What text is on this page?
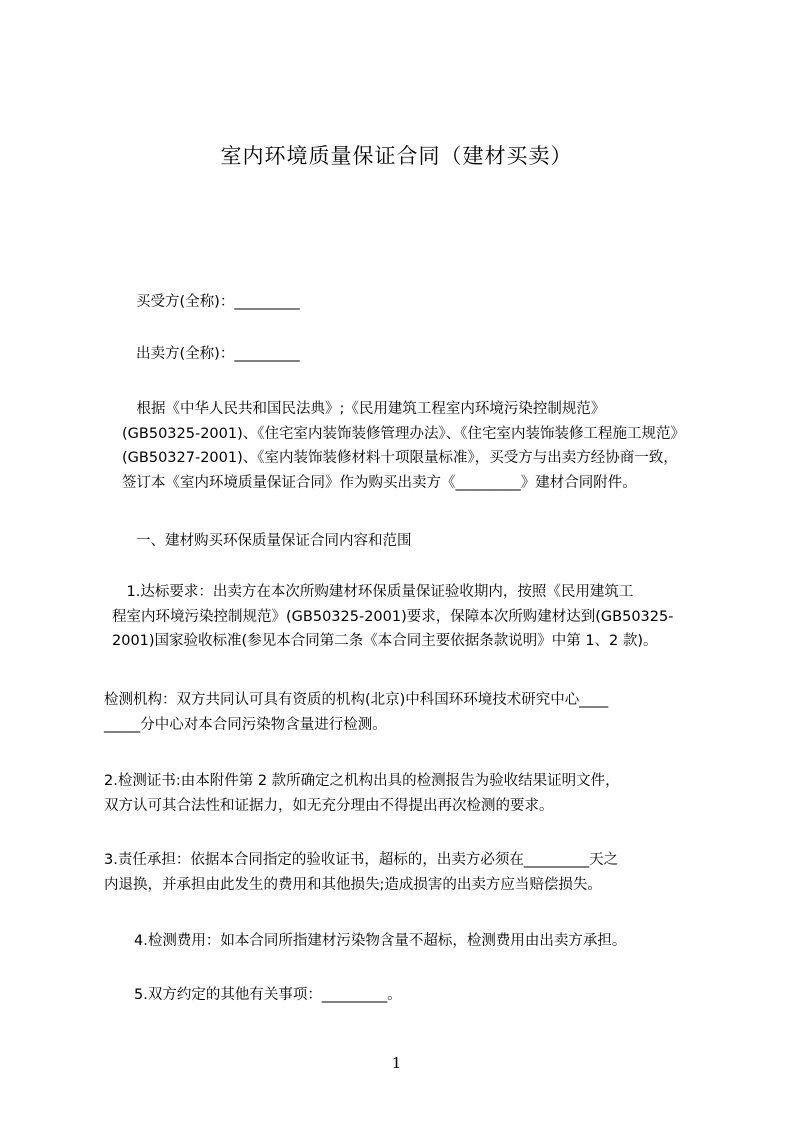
室内环境质量保证合同（建材买卖）
买受方(全称)：_________
出卖方(全称)：_________
　根据《中华人民共和国民法典》;《民用建筑工程室内环境污染控制规范》
(GB50325-2001)、《住宅室内装饰装修管理办法》、《住宅室内装饰装修工程施工规范》
(GB50327-2001)、《室内装饰装修材料十项限量标准》，买受方与出卖方经协商一致，
签订本《室内环境质量保证合同》作为购买出卖方《_________》建材合同附件。
一、建材购买环保质量保证合同内容和范围
　1.达标要求：出卖方在本次所购建材环保质量保证验收期内，按照《民用建筑工
程室内环境污染控制规范》(GB50325-2001)要求，保障本次所购建材达到(GB50325-
2001)国家验收标准(参见本合同第二条《本合同主要依据条款说明》中第 1、2 款)。
检测机构：双方共同认可具有资质的机构(北京)中科国环环境技术研究中心____
_____分中心对本合同污染物含量进行检测。
2.检测证书:由本附件第 2 款所确定之机构出具的检测报告为验收结果证明文件，
双方认可其合法性和证据力，如无充分理由不得提出再次检测的要求。
3.责任承担：依据本合同指定的验收证书，超标的，出卖方必须在_________天之
内退换，并承担由此发生的费用和其他损失;造成损害的出卖方应当赔偿损失。
4.检测费用：如本合同所指建材污染物含量不超标，检测费用由出卖方承担。
5.双方约定的其他有关事项：_________。
1
